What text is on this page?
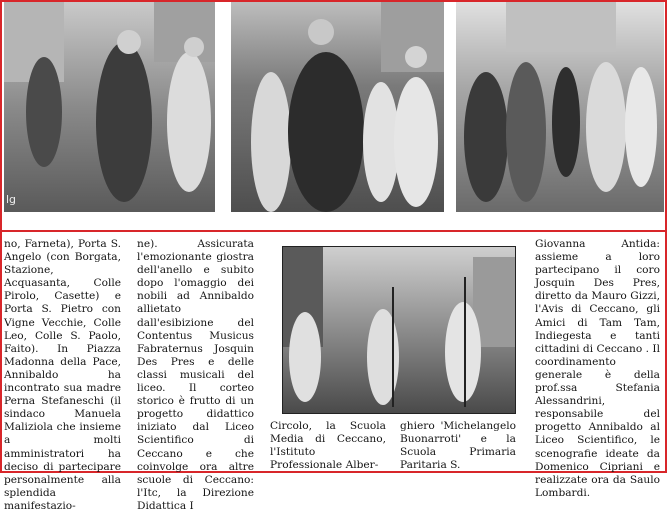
lg
no, Farneta), Porta S. Angelo (con Borgata, Stazione, Acquasanta, Colle Pirolo, Casette) e Porta S. Pietro con Vigne Vecchie, Colle Leo, Colle S. Paolo, Faito). In Piazza Madonna della Pace, Annibaldo ha incontrato sua madre Perna Stefaneschi (il sindaco Manuela Maliziola che insieme a molti amministratori ha deciso di partecipare personalmente alla splendida manifestazio-
ne). Assicurata l'emozionante giostra dell'anello e subito dopo l'omaggio dei nobili ad Annibaldo allietato dall'esibizione del Contentus Musicus Fabraternus Josquin Des Pres e delle classi musicali del liceo. Il corteo storico è frutto di un progetto didattico iniziato dal Liceo Scientifico di Ceccano e che coinvolge ora altre scuole di Ceccano: l'Itc, la Direzione Didattica I
Circolo, la Scuola Media di Ceccano, l'Istituto Professionale Alber-
ghiero 'Michelangelo Buonarroti' e la Scuola Primaria Paritaria S.
Giovanna Antida: assieme a loro partecipano il coro Josquin Des Pres, diretto da Mauro Gizzi, l'Avis di Ceccano, gli Amici di Tam Tam, Indiegesta e tanti cittadini di Ceccano . Il coordinamento generale è della prof.ssa Stefania Alessandrini, responsabile del progetto Annibaldo al Liceo Scientifico, le scenografie ideate da Domenico Cipriani e realizzate ora da Saulo Lombardi.
